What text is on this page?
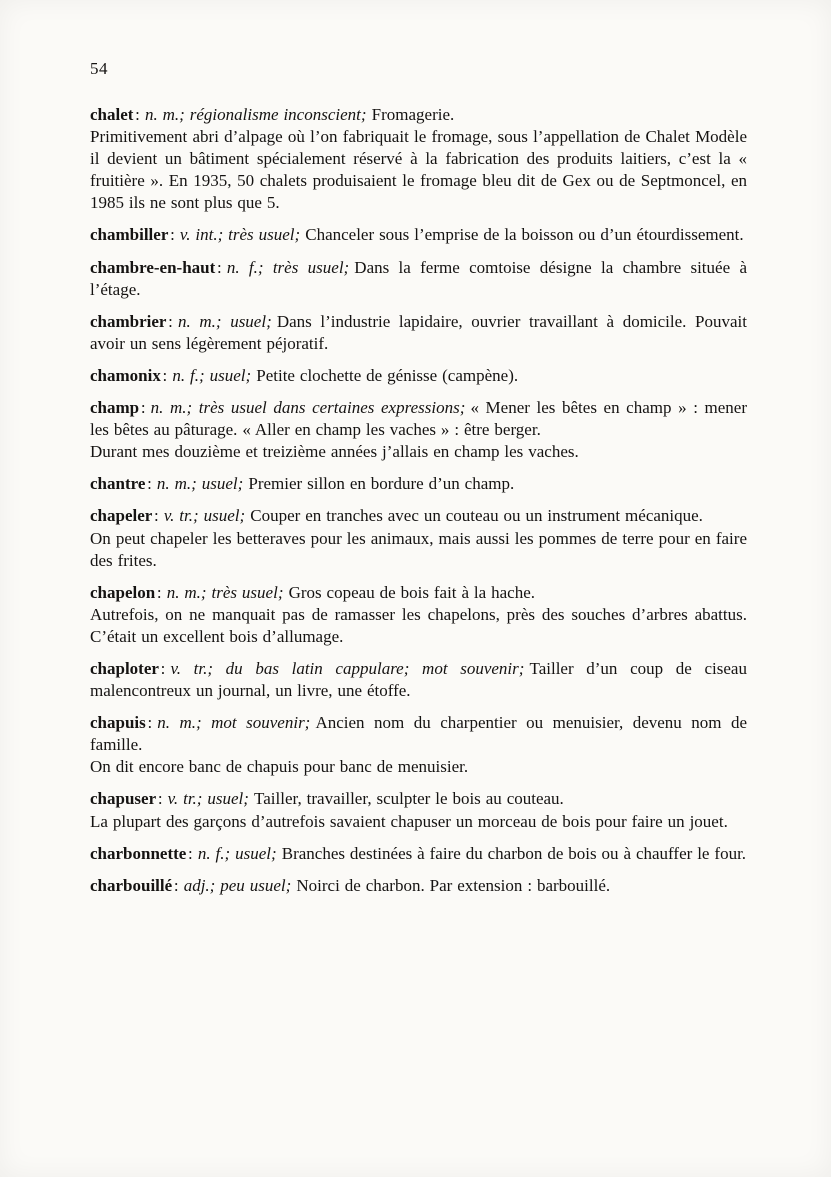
54

chalet: n. m.; régionalisme inconscient; Fromagerie.

Primitivement abri d’alpage où l’on fabriquait le fromage, sous l’appellation de Chalet Modèle il devient un bâtiment spécialement réservé à la fabrication des produits laitiers, c’est la « fruitière ». En 1935, 50 chalets produisaient le fromage bleu dit de Gex ou de Septmoncel, en 1985 ils ne sont plus que 5.

chambiller: v. int.; très usuel; Chanceler sous l’emprise de la boisson ou d’un étourdissement.

chambre-en-haut: n. f.; très usuel; Dans la ferme comtoise désigne la chambre située à l’étage.

chambrier: n. m.; usuel; Dans l’industrie lapidaire, ouvrier travaillant à domicile. Pouvait avoir un sens légèrement péjoratif.

chamonix: n. f.; usuel; Petite clochette de génisse (campène).

champ: n. m.; très usuel dans certaines expressions; « Mener les bêtes en champ » : mener les bêtes au pâturage. « Aller en champ les vaches » : être berger.

Durant mes douzième et treizième années j’allais en champ les vaches.

chantre: n. m.; usuel; Premier sillon en bordure d’un champ.

chapeler: v. tr.; usuel; Couper en tranches avec un couteau ou un instrument mécanique.

On peut chapeler les betteraves pour les animaux, mais aussi les pommes de terre pour en faire des frites.

chapelon: n. m.; très usuel; Gros copeau de bois fait à la hache.

Autrefois, on ne manquait pas de ramasser les chapelons, près des souches d’arbres abattus. C’était un excellent bois d’allumage.

chaploter: v. tr.; du bas latin cappulare; mot souvenir; Tailler d’un coup de ciseau malencontreux un journal, un livre, une étoffe.

chapuis: n. m.; mot souvenir; Ancien nom du charpentier ou menuisier, devenu nom de famille.

On dit encore banc de chapuis pour banc de menuisier.

chapuser: v. tr.; usuel; Tailler, travailler, sculpter le bois au couteau.

La plupart des garçons d’autrefois savaient chapuser un morceau de bois pour faire un jouet.

charbonnette: n. f.; usuel; Branches destinées à faire du charbon de bois ou à chauffer le four.

charbouillé: adj.; peu usuel; Noirci de charbon. Par extension : barbouillé.
